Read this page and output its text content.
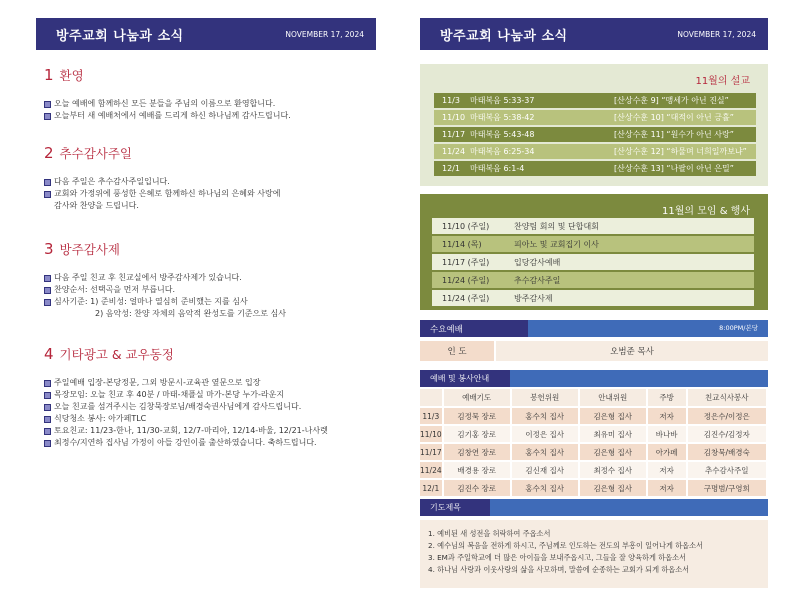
방주교회 나눔과 소식	NOVEMBER 17, 2024
1 환영
오늘 예배에 함께하신 모든 분들을 주님의 이름으로 환영합니다.
오늘부터 새 예배처에서 예배를 드리게 하신 하나님께 감사드립니다.
2 추수감사주일
다음 주일은 추수감사주일입니다.
교회와 가정위에 풍성한 은혜로 함께하신 하나님의 은혜와 사랑에
감사와 찬양을 드립니다.
3 방주감사제
다음 주일 친교 후 친교실에서 방주감사제가 있습니다.
찬양순서: 선택곡을 먼저 부릅니다.
심사기준: 1) 준비성: 얼마나 열심히 준비했는 지를 심사
2) 음악성: 찬양 자체의 음악적 완성도를 기준으로 심사
4 기타광고 & 교우동정
주일예배 입장-본당정문, 그외 방문시-교육관 옆문으로 입장
목장모임: 오늘 친교 후 40분 / 마태-채플실 마가-본당 누가-라운지
오늘 친교를 섬겨주시는 김창묵장로님/배경숙권사님에게 감사드립니다.
식당청소 봉사: 아가페TLC
토요친교: 11/23-한나, 11/30-교회, 12/7-마리아, 12/14-바울, 12/21-나사렛
최정수/지연하 집사님 가정이 아들 강인이를 출산하였습니다. 축하드립니다.
방주교회 나눔과 소식	NOVEMBER 17, 2024
11월의 설교
11/3	마태복음 5:33-37	[산상수훈 9] “맹세가 아닌 진실”
11/10 마태복음 5:38-42	[산상수훈 10] “대적이 아닌 긍휼”
11/17 마태복음 5:43-48	[산상수훈 11] “원수가 아닌 사랑”
11/24 마태복음 6:25-34	[산상수훈 12] “하물며 너희일까보냐”
12/1	마태복음 6:1-4	[산상수훈 13] “나팔이 아닌 은밀”
11월의 모임 & 행사
11/10 (주일)	찬양팀 회의 및 단합대회
11/14 (목)	피아노 및 교회집기 이사
11/17 (주일)	입당감사예배
11/24 (주일)	추수감사주일
11/24 (주일)	방주감사제
수요예배	8:00PM/본당
인 도	오범준 목사
예배 및 봉사안내
	예배기도	봉헌위원	안내위원	주방	친교식사봉사
11/3	김정묵 장로	홍수치 집사	김은형 집사	저자	정은수/이정은
11/10	김기홍 장로	이정은 집사	최유미 집사	바나바	김진수/김정자
11/17	김창연 장로	홍수치 집사	김은형 집사	아가페	김창묵/배경숙
11/24	배경용 장로	김신재 집사	최정수 집사	저자	추수감사주일
12/1	김진수 장로	홍수치 집사	김은형 집사	저자	구명범/구영희
기도제목
1. 예비된 새 성전을 허락하여 주옵소서
2. 예수님의 복음을 전하게 하시고, 주님께로 인도하는 전도의 부흥이 일어나게 하옵소서
3. EM과 주일학교에 더 많은 아이들을 보내주옵시고, 그들을 잘 양육하게 하옵소서
4. 하나님 사랑과 이웃사랑의 삶을 사모하며, 말씀에 순종하는 교회가 되게 하옵소서
